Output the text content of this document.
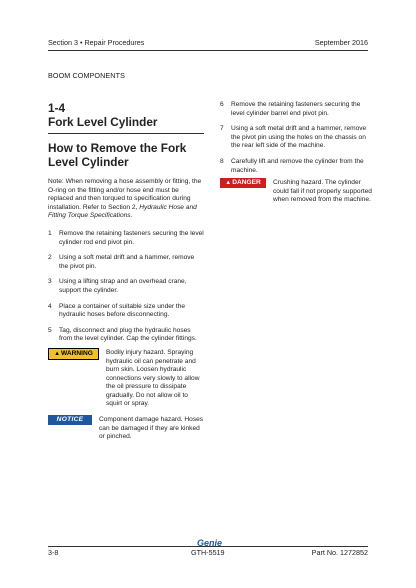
Section 3 • Repair Procedures	September 2016
BOOM COMPONENTS
1-4
Fork Level Cylinder
How to Remove the Fork Level Cylinder
Note: When removing a hose assembly or fitting, the O-ring on the fitting and/or hose end must be replaced and then torqued to specification during installation. Refer to Section 2, Hydraulic Hose and Fitting Torque Specifications.
1 Remove the retaining fasteners securing the level cylinder rod end pivot pin.
2 Using a soft metal drift and a hammer, remove the pivot pin.
3 Using a lifting strap and an overhead crane, support the cylinder.
4 Place a container of suitable size under the hydraulic hoses before disconnecting.
5 Tag, disconnect and plug the hydraulic hoses from the level cylinder. Cap the cylinder fittings.
▲WARNING	Bodily injury hazard. Spraying hydraulic oil can penetrate and burn skin. Loosen hydraulic connections very slowly to allow the oil pressure to dissipate gradually. Do not allow oil to squirt or spray.
NOTICE	Component damage hazard. Hoses can be damaged if they are kinked or pinched.
6 Remove the retaining fasteners securing the level cylinder barrel end pivot pin.
7 Using a soft metal drift and a hammer, remove the pivot pin using the holes on the chassis on the rear left side of the machine.
8 Carefully lift and remove the cylinder from the machine.
▲DANGER	Crushing hazard. The cylinder could fall if not properly supported when removed from the machine.
Genie
3-8	GTH-5519	Part No. 1272852
